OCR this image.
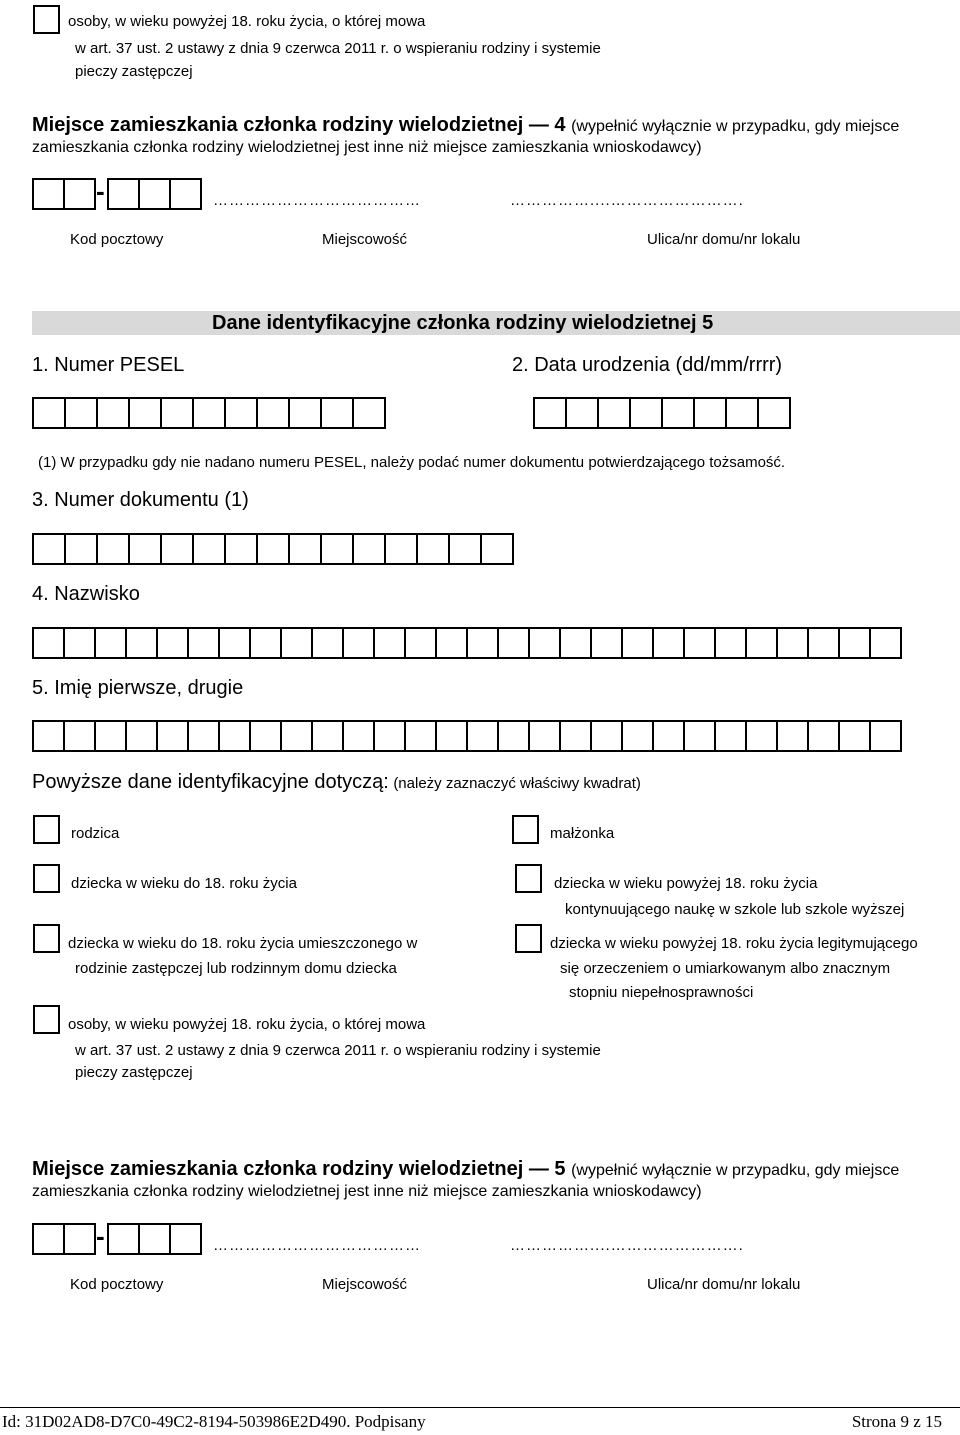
osoby, w wieku powyżej 18. roku życia, o której mowa
w art. 37 ust. 2 ustawy z dnia 9 czerwca 2011 r. o wspieraniu rodziny i systemie
pieczy zastępczej
Miejsce zamieszkania członka rodziny wielodzietnej — 4 (wypełnić wyłącznie w przypadku, gdy miejsce
zamieszkania członka rodziny wielodzietnej jest inne niż miejsce zamieszkania wnioskodawcy)
-	…………………………………	……………....…………………….
Kod pocztowy	Miejscowość	Ulica/nr domu/nr lokalu
Dane identyfikacyjne członka rodziny wielodzietnej 5
1. Numer PESEL	2. Data urodzenia (dd/mm/rrrr)
(1) W przypadku gdy nie nadano numeru PESEL, należy podać numer dokumentu potwierdzającego tożsamość.
3. Numer dokumentu (1)
4. Nazwisko
5. Imię pierwsze, drugie
Powyższe dane identyfikacyjne dotyczą: (należy zaznaczyć właściwy kwadrat)
rodzica	małżonka
dziecka w wieku do 18. roku życia	dziecka w wieku powyżej 18. roku życia
kontynuującego naukę w szkole lub szkole wyższej
dziecka w wieku do 18. roku życia umieszczonego w
rodzinie zastępczej lub rodzinnym domu dziecka
dziecka w wieku powyżej 18. roku życia legitymującego
się orzeczeniem o umiarkowanym albo znacznym
stopniu niepełnosprawności
osoby, w wieku powyżej 18. roku życia, o której mowa
w art. 37 ust. 2 ustawy z dnia 9 czerwca 2011 r. o wspieraniu rodziny i systemie
pieczy zastępczej
Miejsce zamieszkania członka rodziny wielodzietnej — 5 (wypełnić wyłącznie w przypadku, gdy miejsce
zamieszkania członka rodziny wielodzietnej jest inne niż miejsce zamieszkania wnioskodawcy)
-	…………………………………	……………....…………………….
Kod pocztowy	Miejscowość	Ulica/nr domu/nr lokalu
Id: 31D02AD8-D7C0-49C2-8194-503986E2D490. Podpisany	Strona 9 z 15
